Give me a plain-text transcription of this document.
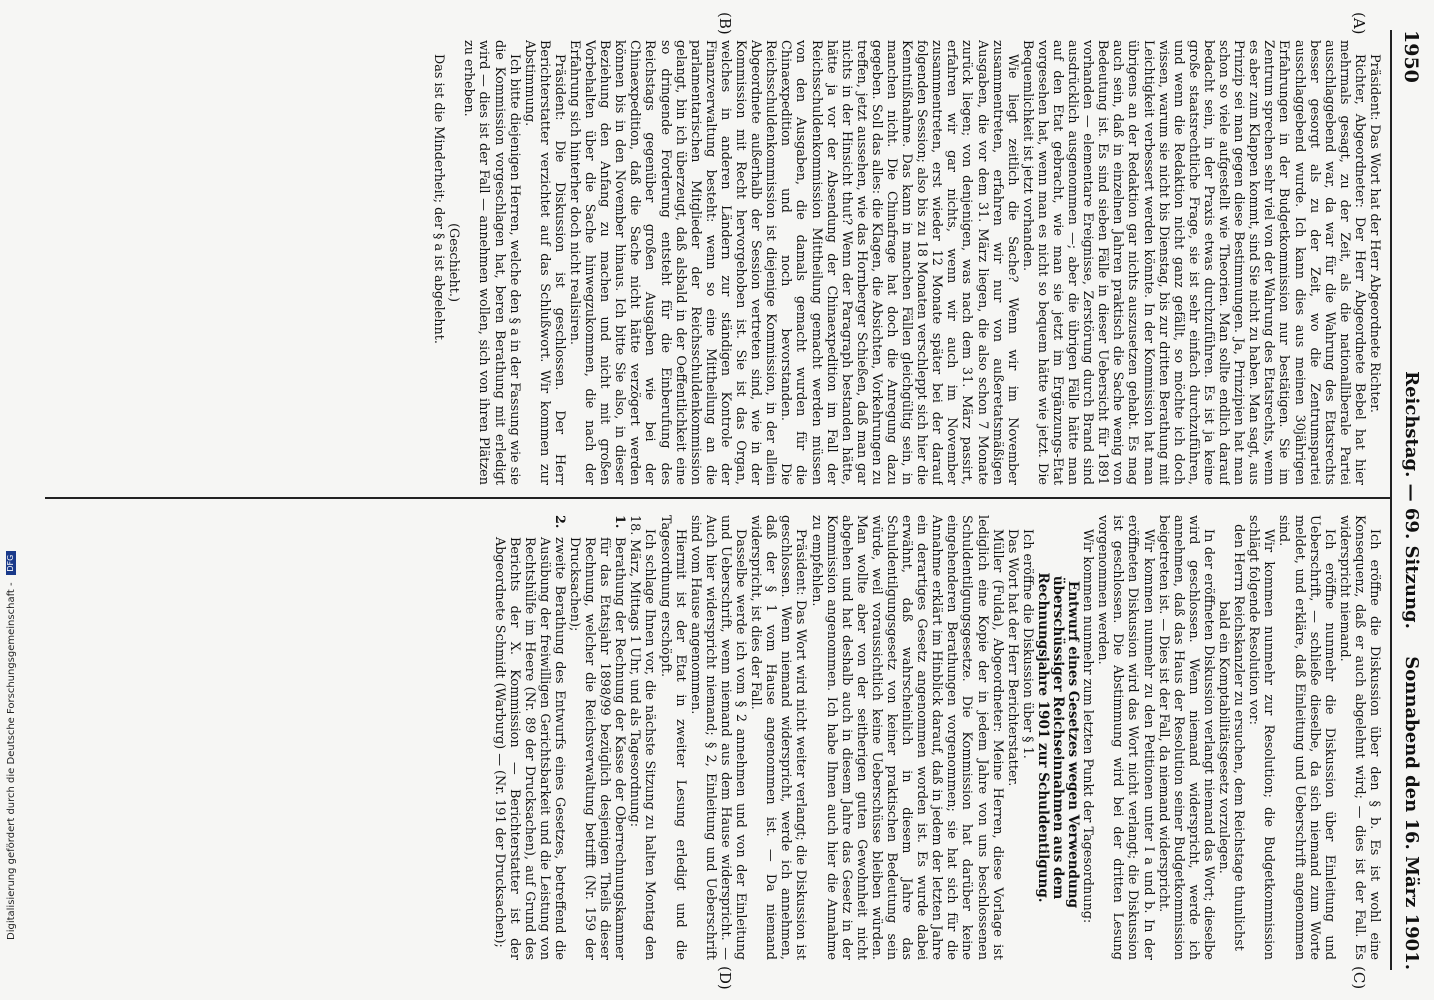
1950
Reichstag. — 69. Sitzung.
Sonnabend den 16. März 1901.
(A)
(B)
(C)
(D)

Präsident: Das Wort hat der Herr Abgeordnete Richter.

Richter, Abgeordneter: Der Herr Abgeordnete Bebel hat hier mehrmals gesagt, zu der Zeit, als die nationalliberale Partei ausschlaggebend war, da war für die Wahrung des Etatsrechts besser gesorgt als zu der Zeit, wo die Zentrumspartei ausschlaggebend wurde. Ich kann dies aus meinen 30jährigen Erfahrungen in der Budgetkommission nur bestätigen. Sie im Zentrum sprechen sehr viel von der Wahrung des Etatsrechts, wenn es aber zum Klappen kommt, sind Sie nicht zu haben. Man sagt, aus Prinzip sei man gegen diese Bestimmungen. Ja, Prinzipien hat man schon so viele aufgestellt wie Theorien. Man sollte endlich darauf bedacht sein, in der Praxis etwas durchzuführen. Es ist ja keine große staatsrechtliche Frage, sie ist sehr einfach durchzuführen, und wenn die Redaktion nicht ganz gefällt, so möchte ich doch wissen, warum sie nicht bis Dienstag, bis zur dritten Berathung mit Leichtigkeit verbessert werden könnte. In der Kommission hat man übrigens an der Redaktion gar nichts auszusetzen gehabt. Es mag auch sein, daß in einzelnen Jahren praktisch die Sache wenig von Bedeutung ist. Es sind sieben Fälle in dieser Uebersicht für 1891 vorhanden — elementare Ereignisse, Zerstörung durch Brand sind ausdrücklich ausgenommen —; aber die übrigen Fälle hätte man auf den Etat gebracht, wie man sie jetzt im Ergänzungs-Etat vorgesehen hat, wenn man es nicht so bequem hätte wie jetzt. Die Bequemlichkeit ist jetzt vorhanden.

Wie liegt zeitlich die Sache? Wenn wir im November zusammentreten, erfahren wir nur von außeretatsmäßigen Ausgaben, die vor dem 31. März liegen, die also schon 7 Monate zurück liegen; von denjenigen, was nach dem 31. März passirt, erfahren wir gar nichts, wenn wir auch im November zusammentreten, erst wieder 12 Monate später bei der darauf folgenden Session; also bis zu 18 Monaten verschleppt sich hier die Kenntnißnahme. Das kann in manchen Fällen gleichgültig sein, in manchen nicht. Die Chinafrage hat doch die Anregung dazu gegeben. Soll das alles: die Klagen, die Absichten, Vorkehrungen zu treffen, jetzt aussehen, wie das Hornberger Schießen, daß man gar nichts in der Hinsicht thut? Wenn der Paragraph bestanden hätte, hätte ja vor der Absendung der Chinaexpedition im Fall der Reichsschuldenkommission Mittheilung gemacht werden müssen von den Ausgaben, die damals gemacht wurden für die Chinaexpedition und noch bevorstanden. Die Reichsschuldenkommission ist diejenige Kommission, in der allein Abgeordnete außerhalb der Session vertreten sind, wie in der Kommission mit Recht hervorgehoben ist. Sie ist das Organ, welches in anderen Ländern zur ständigen Kontrole der Finanzverwaltung besteht: wenn so eine Mittheilung an die parlamentarischen Mitglieder der Reichsschuldenkommission gelangt, bin ich überzeugt, daß alsbald in der Oeffentlichkeit eine so dringende Forderung entsteht für die Einberufung des Reichstags gegenüber großen Ausgaben wie bei der Chinaexpedition, daß die Sache nicht hätte verzögert werden können bis in den November hinaus. Ich bitte Sie also, in dieser Beziehung den Anfang zu machen und nicht mit großen Vorbehalten über die Sache hinwegzukommen, die nach der Erfahrung sich hinterher doch nicht realisiren.

Präsident: Die Diskussion ist geschlossen. Der Herr Berichterstatter verzichtet auf das Schlußwort. Wir kommen zur Abstimmung.

Ich bitte diejenigen Herren, welche den § a in der Fassung wie sie die Kommission vorgeschlagen hat, beren Berathung mit erledigt wird — dies ist der Fall — annehmen wollen, sich von ihren Plätzen zu erheben.

(Geschieht.)

Das ist die Minderheit; der § a ist abgelehnt.

Ich eröffne die Diskussion über den § b. Es ist wohl eine Konsequenz, daß er auch abgelehnt wird; — dies ist der Fall. Es widerspricht niemand.

Ich eröffne nunmehr die Diskussion über Einleitung und Ueberschrift, — schließe dieselbe, da sich niemand zum Worte meldet, und erkläre, daß Einleitung und Ueberschrift angenommen sind.

Wir kommen nunmehr zur Resolution; die Budgetkommission schlägt folgende Resolution vor:

den Herrn Reichskanzler zu ersuchen, dem Reichstage thunlichst bald ein Komptabilitätsgesetz vorzulegen.

In der eröffneten Diskussion verlangt niemand das Wort; dieselbe wird geschlossen. Wenn niemand widerspricht, werde ich annehmen, daß das Haus der Resolution seiner Budgetkommission beigetreten ist. — Dies ist der Fall, da niemand widerspricht.

Wir kommen nunmehr zu den Petitionen unter I a und b. In der eröffneten Diskussion wird das Wort nicht verlangt; die Diskussion ist geschlossen. Die Abstimmung wird bei der dritten Lesung vorgenommen werden.

Wir kommen nunmehr zum letzten Punkt der Tagesordnung:

Entwurf eines Gesetzes wegen Verwendung überschüssiger Reichseinnahmen aus dem Rechnungsjahre 1901 zur Schuldentilgung.

Ich eröffne die Diskussion über § 1.

Das Wort hat der Herr Berichterstatter.

Müller (Fulda), Abgeordneter: Meine Herren, diese Vorlage ist lediglich eine Kopie der in jedem Jahre von uns beschlossenen Schuldentilgungsgesetze. Die Kommission hat darüber keine eingehenderen Berathungen vorgenommen; sie hat sich für die Annahme erklärt im Hinblick darauf, daß in jedem der letzten Jahre ein derartiges Gesetz angenommen worden ist. Es wurde dabei erwähnt, daß wahrscheinlich in diesem Jahre das Schuldentilgungsgesetz von keiner praktischen Bedeutung sein würde, weil voraussichtlich keine Ueberschüsse bleiben würden. Man wollte aber von der seitherigen guten Gewohnheit nicht abgehen und hat deshalb auch in diesem Jahre das Gesetz in der Kommission angenommen. Ich habe Ihnen auch hier die Annahme zu empfehlen.

Präsident: Das Wort wird nicht weiter verlangt; die Diskussion ist geschlossen. Wenn niemand widerspricht, werde ich annehmen, daß der § 1 vom Hause angenommen ist. — Da niemand widerspricht, ist dies der Fall.

Dasselbe werde ich vom § 2 annehmen und von der Einleitung und Ueberschrift, wenn niemand aus dem Hause widerspricht. — Auch hier widerspricht niemand; § 2, Einleitung und Ueberschrift sind vom Hause angenommen.

Hiermit ist der Etat in zweiter Lesung erledigt und die Tagesordnung erschöpft.

Ich schlage Ihnen vor, die nächste Sitzung zu halten Montag den 18. März, Mittags 1 Uhr, und als Tagesordnung:

1.
Berathung der Rechnung der Kasse der Oberrechnungskammer für das Etatsjahr 1898/99 bezüglich desjenigen Theils dieser Rechnung, welcher die Reichsverwaltung betrifft (Nr. 159 der Drucksachen);

2.
zweite Berathung des Entwurfs eines Gesetzes, betreffend die Ausübung der freiwilligen Gerichtsbarkeit und die Leistung von Rechtshülfe im Heere (Nr. 89 der Drucksachen), auf Grund des Berichts der X. Kommission — Berichterstatter ist der Abgeordnete Schmidt (Warburg) — (Nr. 191 der Drucksachen);

Digitalisierung gefördert durch die Deutsche Forschungsgemeinschaft - DFG
